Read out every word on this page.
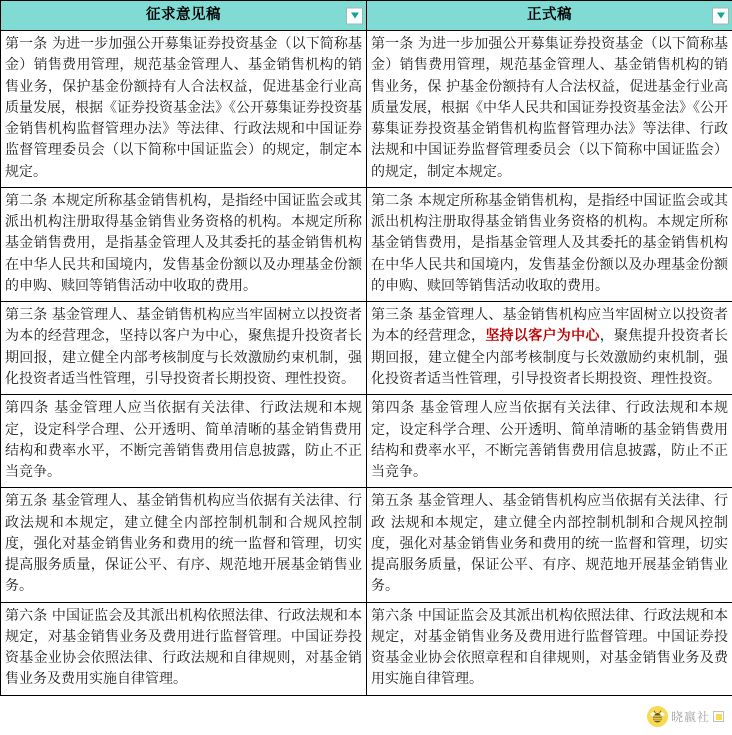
征求意见稿	正式稿

第一条 为进一步加强公开募集证券投资基金（以下简称基金）销售费用管理，规范基金管理人、基金销售机构的销售业务，保护基金份额持有人合法权益，促进基金行业高质量发展，根据《证券投资基金法》《公开募集证券投资基金销售机构监督管理办法》等法律、行政法规和中国证券监督管理委员会（以下简称中国证监会）的规定，制定本规定。	第一条 为进一步加强公开募集证券投资基金（以下简称基金）销售费用管理，规范基金管理人、基金销售机构的销售业务，保 护基金份额持有人合法权益，促进基金行业高质量发展，根据《中华人民共和国证券投资基金法》《公开募集证券投资基金销售机构监督管理办法》等法律、行政法规和中国证券监督管理委员会（以下简称中国证监会）的规定，制定本规定。

第二条 本规定所称基金销售机构，是指经中国证监会或其派出机构注册取得基金销售业务资格的机构。本规定所称基金销售费用，是指基金管理人及其委托的基金销售机构在中华人民共和国境内，发售基金份额以及办理基金份额的申购、赎回等销售活动中收取的费用。	第二条 本规定所称基金销售机构，是指经中国证监会或其派出机构注册取得基金销售业务资格的机构。本规定所称基金销售费用，是指基金管理人及其委托的基金销售机构在中华人民共和国境内，发售基金份额以及办理基金份额的申购、赎回等销售活动收取的费用。

第三条 基金管理人、基金销售机构应当牢固树立以投资者为本的经营理念，坚持以客户为中心，聚焦提升投资者长期回报，建立健全内部考核制度与长效激励约束机制，强化投资者适当性管理，引导投资者长期投资、理性投资。	第三条 基金管理人、基金销售机构应当牢固树立以投资者为本的经营理念，坚持以客户为中心，聚焦提升投资者长期回报，建立健全内部考核制度与长效激励约束机制，强化投资者适当性管理，引导投资者长期投资、理性投资。

第四条 基金管理人应当依据有关法律、行政法规和本规定，设定科学合理、公开透明、简单清晰的基金销售费用结构和费率水平，不断完善销售费用信息披露，防止不正当竞争。	第四条 基金管理人应当依据有关法律、行政法规和本规定，设定科学合理、公开透明、简单清晰的基金销售费用结构和费率水平，不断完善销售费用信息披露，防止不正当竞争。

第五条 基金管理人、基金销售机构应当依据有关法律、行政法规和本规定，建立健全内部控制机制和合规风控制度，强化对基金销售业务和费用的统一监督和管理，切实提高服务质量，保证公平、有序、规范地开展基金销售业务。	第五条 基金管理人、基金销售机构应当依据有关法律、行政 法规和本规定，建立健全内部控制机制和合规风控制度，强化对基金销售业务和费用的统一监督和管理，切实提高服务质量，保证公平、有序、规范地开展基金销售业务。

第六条 中国证监会及其派出机构依照法律、行政法规和本规定，对基金销售业务及费用进行监督管理。中国证券投资基金业协会依照法律、行政法规和自律规则，对基金销售业务及费用实施自律管理。	第六条 中国证监会及其派出机构依照法律、行政法规和本规定，对基金销售业务及费用进行监督管理。中国证券投资基金业协会依照章程和自律规则，对基金销售业务及费用实施自律管理。

晓嬴社
